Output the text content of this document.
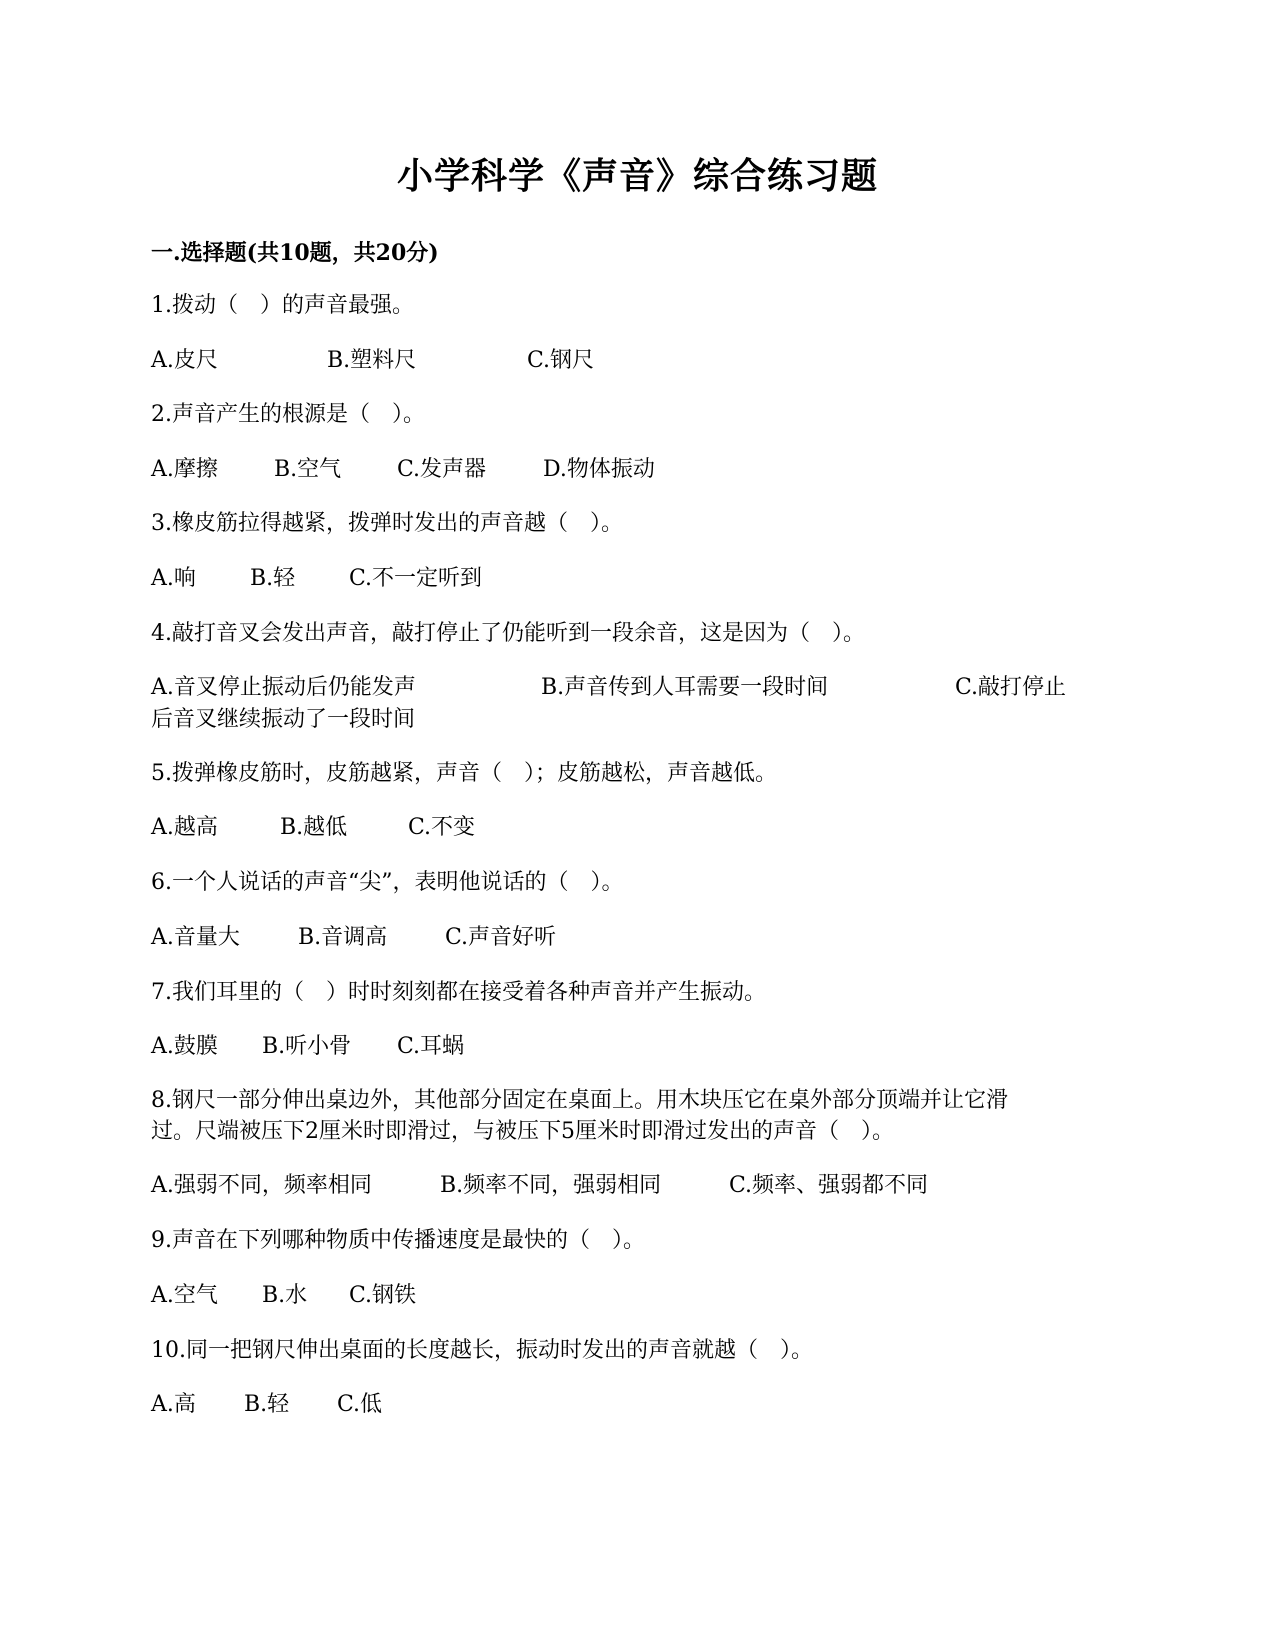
小学科学《声音》综合练习题
一.选择题(共10题，共20分)
1.拨动（　）的声音最强。
A.皮尺	B.塑料尺	C.钢尺
2.声音产生的根源是（　）。
A.摩擦	B.空气	C.发声器	D.物体振动
3.橡皮筋拉得越紧，拨弹时发出的声音越（　）。
A.响 B.轻 C.不一定听到
4.敲打音叉会发出声音，敲打停止了仍能听到一段余音，这是因为（　）。
A.音叉停止振动后仍能发声	B.声音传到人耳需要一段时间	C.敲打停止
后音叉继续振动了一段时间
5.拨弹橡皮筋时，皮筋越紧，声音（　）；皮筋越松，声音越低。
A.越高	B.越低	C.不变
6.一个人说话的声音“尖”，表明他说话的（　）。
A.音量大	B.音调高	C.声音好听
7.我们耳里的（　）时时刻刻都在接受着各种声音并产生振动。
A.鼓膜 B.听小骨 C.耳蜗
8.钢尺一部分伸出桌边外，其他部分固定在桌面上。用木块压它在桌外部分顶端并让它滑
过。尺端被压下2厘米时即滑过，与被压下5厘米时即滑过发出的声音（　）。
A.强弱不同，频率相同	B.频率不同，强弱相同	C.频率、强弱都不同
9.声音在下列哪种物质中传播速度是最快的（　）。
A.空气 B.水 C.钢铁
10.同一把钢尺伸出桌面的长度越长，振动时发出的声音就越（　）。
A.高 B.轻 C.低
